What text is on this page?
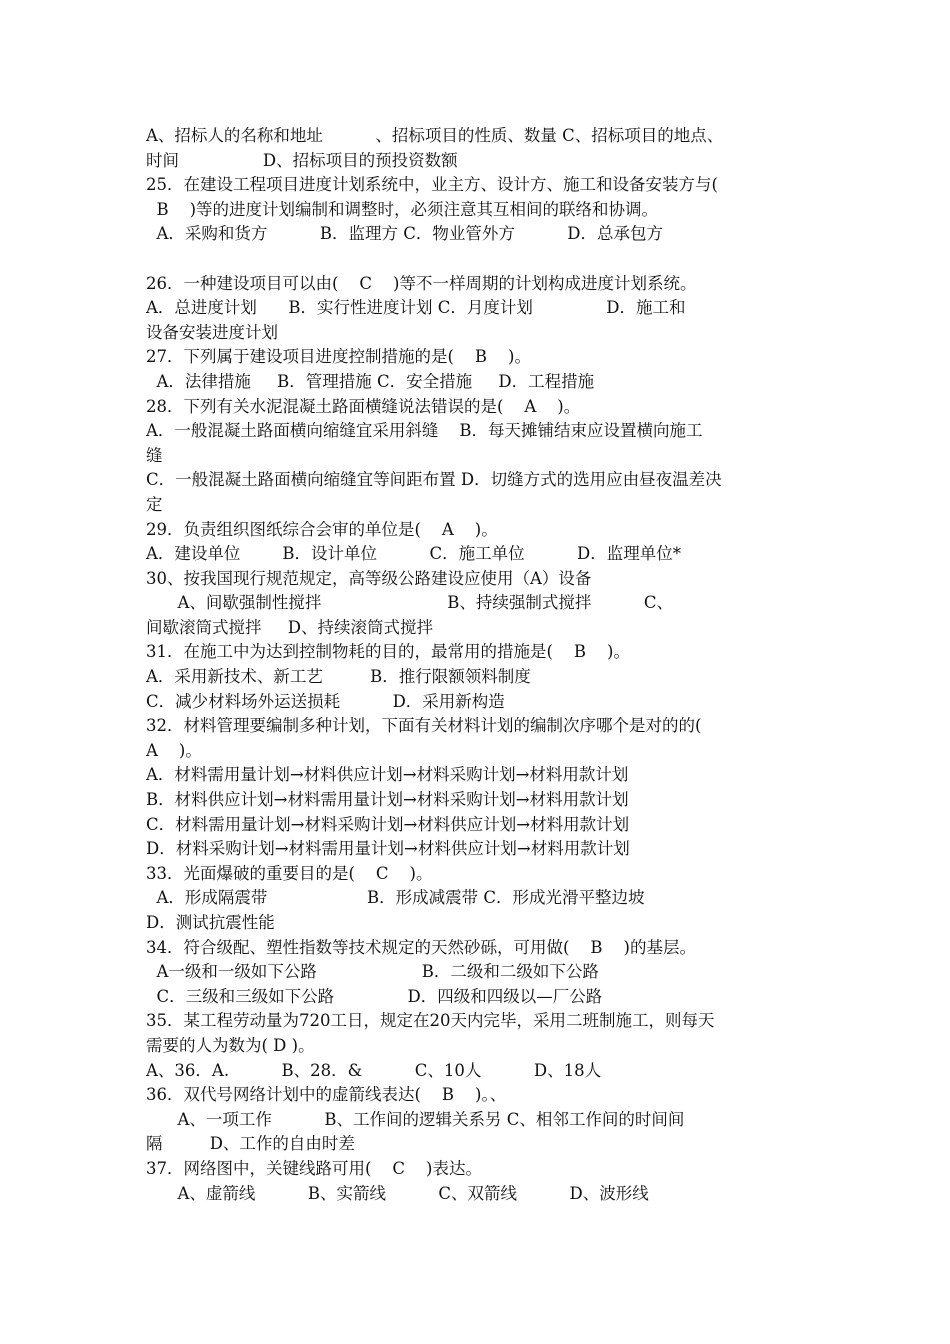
A、招标人的名称和地址          、招标项目的性质、数量 C、招标项目的地点、
时间                D、招标项目的预投资数额
25．在建设工程项目进度计划系统中，业主方、设计方、施工和设备安装方与(
B    )等的进度计划编制和调整时，必须注意其互相间的联络和协调。
A．采购和货方          B．监理方 C．物业管外方          D．总承包方
26．一种建设项目可以由(    C    )等不一样周期的计划构成进度计划系统。
A．总进度计划      B．实行性进度计划 C．月度计划              D．施工和
设备安装进度计划
27．下列属于建设项目进度控制措施的是(    B    )。
A．法律措施     B．管理措施 C．安全措施     D．工程措施
28．下列有关水泥混凝土路面横缝说法错误的是(    A    )。
A．一般混凝土路面横向缩缝宜采用斜缝    B．每天摊铺结束应设置横向施工
缝
C．一般混凝土路面横向缩缝宜等间距布置 D．切缝方式的选用应由昼夜温差决
定
29．负责组织图纸综合会审的单位是(    A    )。
A．建设单位        B．设计单位          C．施工单位          D．监理单位*
30、按我国现行规范规定，高等级公路建设应使用（A）设备
A、间歇强制性搅拌                        B、持续强制式搅拌          C、
间歇滚筒式搅拌     D、持续滚筒式搅拌
31．在施工中为达到控制物耗的目的，最常用的措施是(    B    )。
A．采用新技术、新工艺         B．推行限额领料制度
C．减少材料场外运送损耗          D．采用新构造
32．材料管理要编制多种计划，下面有关材料计划的编制次序哪个是对的的(
A    )。
A．材料需用量计划→材料供应计划→材料采购计划→材料用款计划
B．材料供应计划→材料需用量计划→材料采购计划→材料用款计划
C．材料需用量计划→材料采购计划→材料供应计划→材料用款计划
D．材料采购计划→材料需用量计划→材料供应计划→材料用款计划
33．光面爆破的重要目的是(    C    )。
A．形成隔震带                   B．形成减震带 C．形成光滑平整边坡
D．测试抗震性能
34．符合级配、塑性指数等技术规定的天然砂砾，可用做(    B    )的基层。
A一级和一级如下公路                    B．二级和二级如下公路
C．三级和三级如下公路              D．四级和四级以—厂公路
35．某工程劳动量为720工日，规定在20天内完毕，采用二班制施工，则每天
需要的人为数为( D )。
A、36．A.          B、28．&          C、10人          D、18人
36．双代号网络计划中的虚箭线表达(    B    )。、
A、一项工作          B、工作间的逻辑关系另 C、相邻工作间的时间间
隔         D、工作的自由时差
37．网络图中，关键线路可用(    C    )表达。
A、虚箭线          B、实箭线          C、双箭线          D、波形线
